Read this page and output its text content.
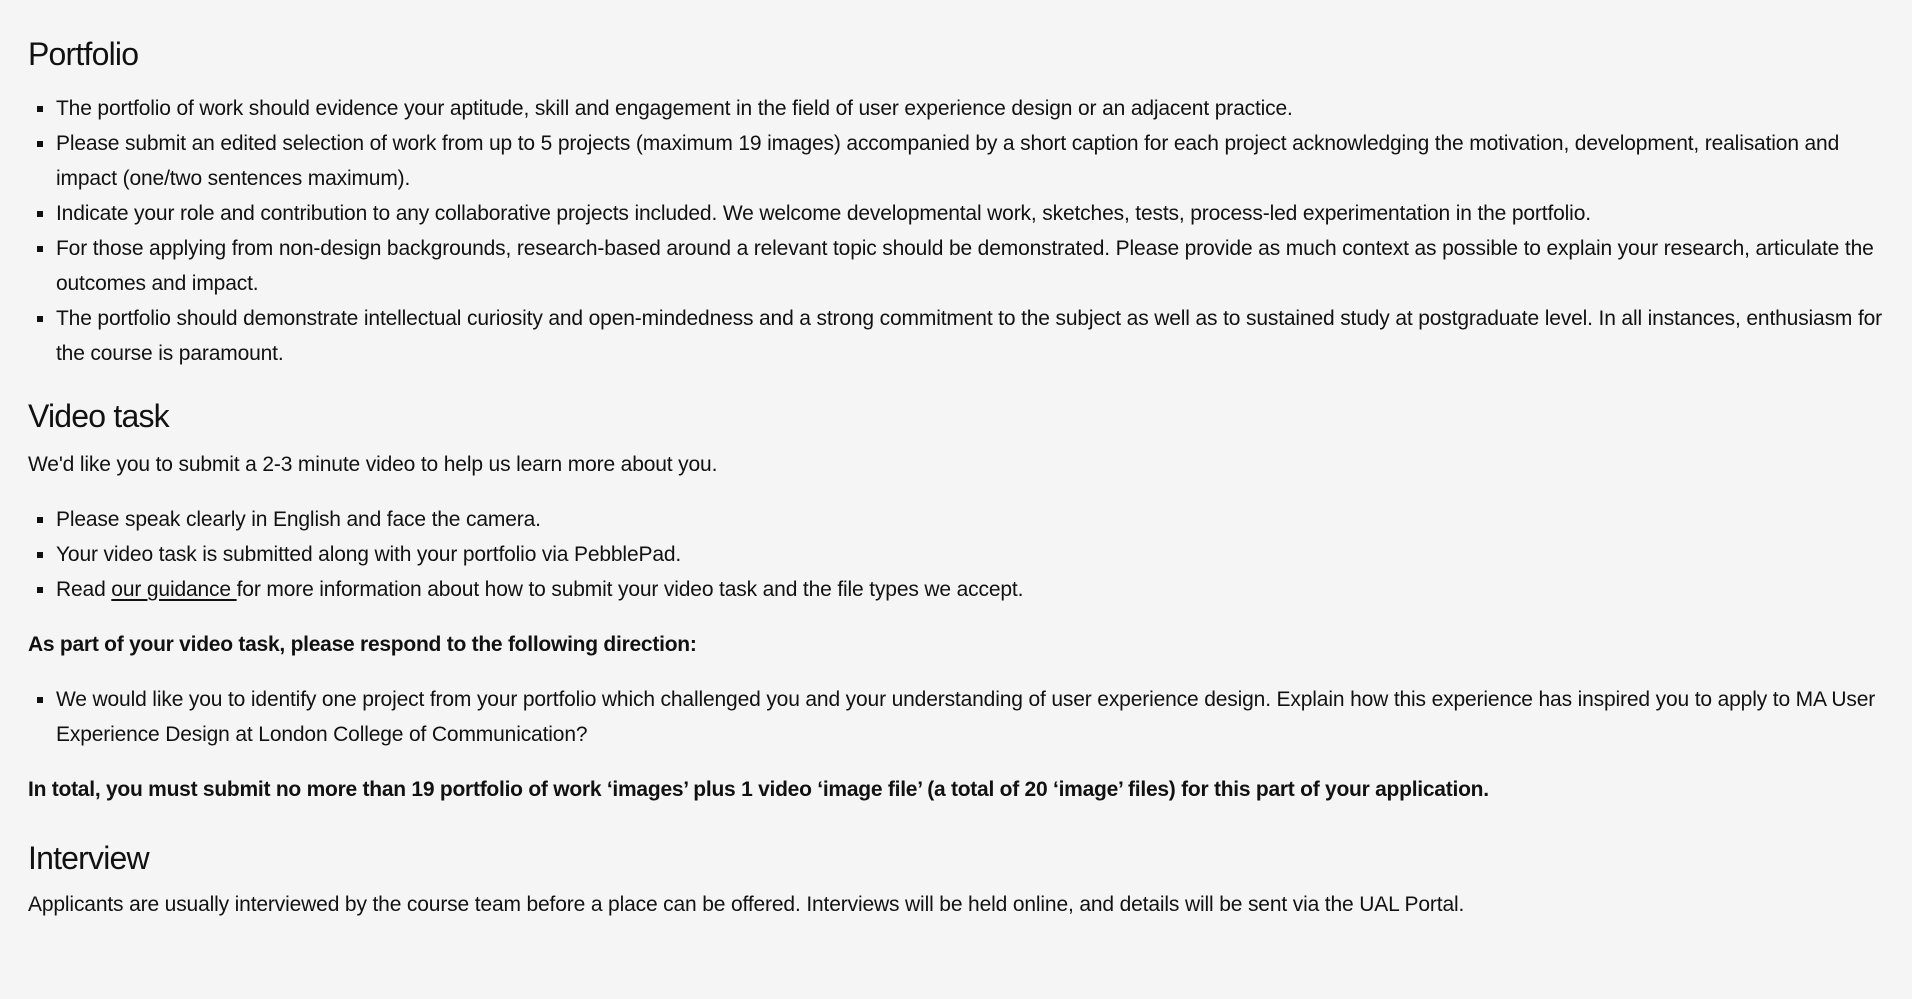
Portfolio
The portfolio of work should evidence your aptitude, skill and engagement in the field of user experience design or an adjacent practice.
Please submit an edited selection of work from up to 5 projects (maximum 19 images) accompanied by a short caption for each project acknowledging the motivation, development, realisation and impact (one/two sentences maximum).
Indicate your role and contribution to any collaborative projects included. We welcome developmental work, sketches, tests, process-led experimentation in the portfolio.
For those applying from non-design backgrounds, research-based around a relevant topic should be demonstrated. Please provide as much context as possible to explain your research, articulate the outcomes and impact.
The portfolio should demonstrate intellectual curiosity and open-mindedness and a strong commitment to the subject as well as to sustained study at postgraduate level. In all instances, enthusiasm for the course is paramount.
Video task

We'd like you to submit a 2-3 minute video to help us learn more about you.

Please speak clearly in English and face the camera.
Your video task is submitted along with your portfolio via PebblePad.
Read our guidance for more information about how to submit your video task and the file types we accept.

As part of your video task, please respond to the following direction:

We would like you to identify one project from your portfolio which challenged you and your understanding of user experience design. Explain how this experience has inspired you to apply to MA User Experience Design at London College of Communication?

In total, you must submit no more than 19 portfolio of work ‘images’ plus 1 video ‘image file’ (a total of 20 ‘image’ files) for this part of your application.

Interview

Applicants are usually interviewed by the course team before a place can be offered. Interviews will be held online, and details will be sent via the UAL Portal.
